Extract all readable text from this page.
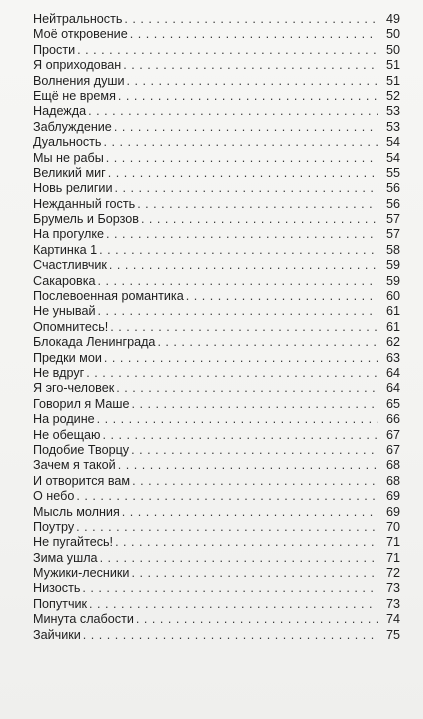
Нейтральность . . .	49
Моё откровение . . .	50
Прости . . .	50
Я оприходован . . .	51
Волнения души . . .	51
Ещё не время . . .	52
Надежда . . .	53
Заблуждение . . .	53
Дуальность . . .	54
Мы не рабы . . .	54
Великий миг . . .	55
Новь религии . . .	56
Нежданный гость . . .	56
Брумель и Борзов . . .	57
На прогулке . . .	57
Картинка 1 . . .	58
Счастливчик . . .	59
Сакаровка . . .	59
Послевоенная романтика . . .	60
Не унывай . . .	61
Опомнитесь! . . .	61
Блокада Ленинграда . . .	62
Предки мои . . .	63
Не вдруг . . .	64
Я эго-человек . . .	64
Говорил я Маше . . .	65
На родине . . .	66
Не обещаю . . .	67
Подобие Творцу . . .	67
Зачем я такой . . .	68
И отворится вам . . .	68
О небо . . .	69
Мысль молния . . .	69
Поутру . . .	70
Не пугайтесь! . . .	71
Зима ушла . . .	71
Мужики-лесники . . .	72
Низость . . .	73
Попутчик . . .	73
Минута слабости . . .	74
Зайчики . . .	75
